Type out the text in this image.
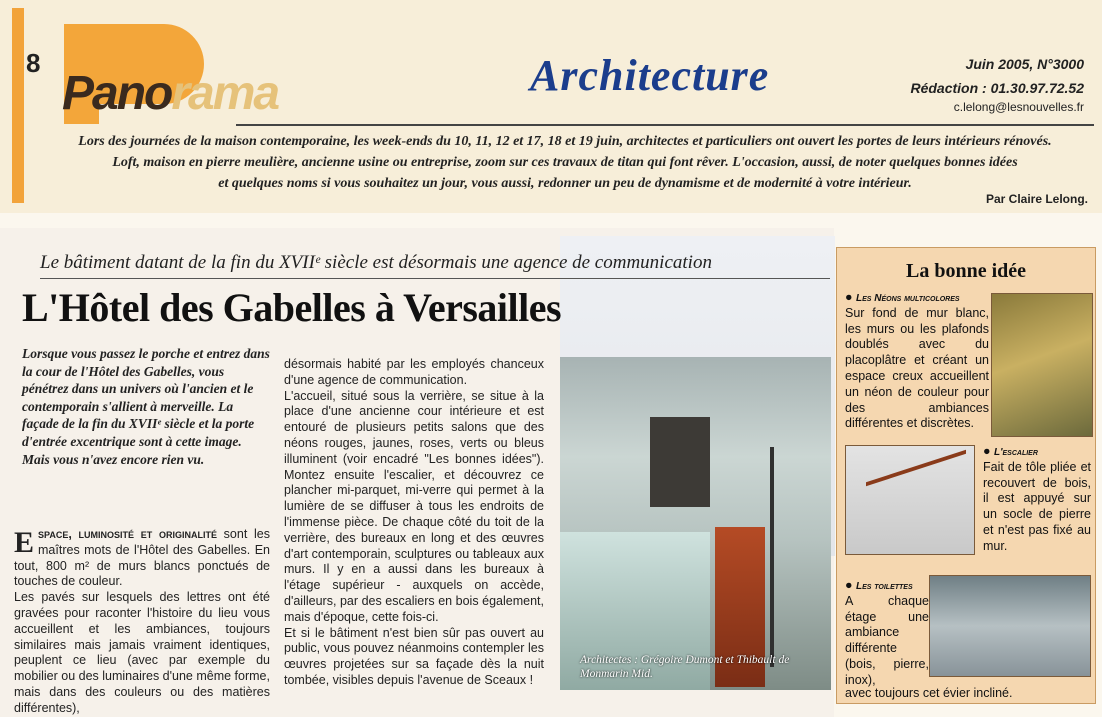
8
Panorama	Architecture	Juin 2005, N°3000
Rédaction : 01.30.97.72.52
c.lelong@lesnouvelles.fr
Lors des journées de la maison contemporaine, les week-ends du 10, 11, 12 et 17, 18 et 19 juin, architectes et particuliers ont ouvert les portes de leurs intérieurs rénovés.
Loft, maison en pierre meulière, ancienne usine ou entreprise, zoom sur ces travaux de titan qui font rêver. L'occasion, aussi, de noter quelques bonnes idées
et quelques noms si vous souhaitez un jour, vous aussi, redonner un peu de dynamisme et de modernité à votre intérieur.
Par Claire Lelong.
Le bâtiment datant de la fin du XVIIᵉ siècle est désormais une agence de communication
L'Hôtel des Gabelles à Versailles
Lorsque vous passez le porche et entrez dans la cour de l'Hôtel des Gabelles, vous pénétrez dans un univers où l'ancien et le contemporain s'allient à merveille. La façade de la fin du XVIIᵉ siècle et la porte d'entrée excentrique sont à cette image. Mais vous n'avez encore rien vu.
Espace, luminosité et originalité sont les maîtres mots de l'Hôtel des Gabelles. En tout, 800 m² de murs blancs ponctués de touches de couleur.
Les pavés sur lesquels des lettres ont été gravées pour raconter l'histoire du lieu vous accueillent et les ambiances, toujours similaires mais jamais vraiment identiques, peuplent ce lieu (avec par exemple du mobilier ou des luminaires d'une même forme, mais dans des couleurs ou des matières différentes),
désormais habité par les employés chanceux d'une agence de communication.
L'accueil, situé sous la verrière, se situe à la place d'une ancienne cour intérieure et est entouré de plusieurs petits salons que des néons rouges, jaunes, roses, verts ou bleus illuminent (voir encadré "Les bonnes idées"). Montez ensuite l'escalier, et découvrez ce plancher mi-parquet, mi-verre qui permet à la lumière de se diffuser à tous les endroits de l'immense pièce. De chaque côté du toit de la verrière, des bureaux en long et des œuvres d'art contemporain, sculptures ou tableaux aux murs. Il y en a aussi dans les bureaux à l'étage supérieur - auxquels on accède, d'ailleurs, par des escaliers en bois également, mais d'époque, cette fois-ci.
Et si le bâtiment n'est bien sûr pas ouvert au public, vous pouvez néanmoins contempler les œuvres projetées sur sa façade dès la nuit tombée, visibles depuis l'avenue de Sceaux !
Architectes : Grégoire Dumont et Thibault de Monmarin Mid.
La bonne idée
● Les Néons multicolores
Sur fond de mur blanc, les murs ou les plafonds doublés avec du placoplâtre et créant un espace creux accueillent un néon de couleur pour des ambiances différentes et discrètes.
● L'escalier
Fait de tôle pliée et recouvert de bois, il est appuyé sur un socle de pierre et n'est pas fixé au mur.
● Les toilettes
A chaque étage une ambiance différente (bois, pierre, inox),
avec toujours cet évier incliné.
